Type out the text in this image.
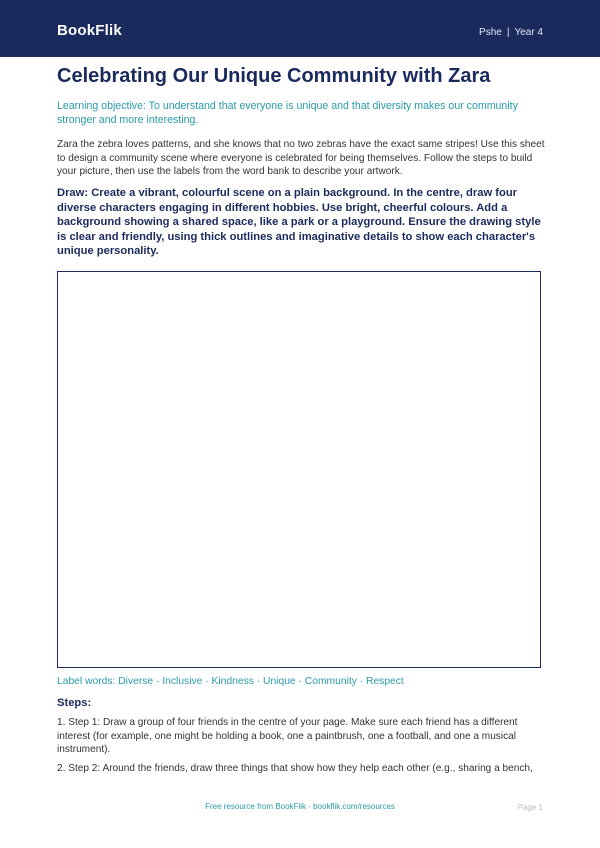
BookFlik	Pshe | Year 4
Celebrating Our Unique Community with Zara
Learning objective: To understand that everyone is unique and that diversity makes our community stronger and more interesting.
Zara the zebra loves patterns, and she knows that no two zebras have the exact same stripes! Use this sheet to design a community scene where everyone is celebrated for being themselves. Follow the steps to build your picture, then use the labels from the word bank to describe your artwork.
Draw: Create a vibrant, colourful scene on a plain background. In the centre, draw four diverse characters engaging in different hobbies. Use bright, cheerful colours. Add a background showing a shared space, like a park or a playground. Ensure the drawing style is clear and friendly, using thick outlines and imaginative details to show each character's unique personality.
Label words: Diverse · Inclusive · Kindness · Unique · Community · Respect
Steps:
1. Step 1: Draw a group of four friends in the centre of your page. Make sure each friend has a different interest (for example, one might be holding a book, one a paintbrush, one a football, and one a musical instrument).
2. Step 2: Around the friends, draw three things that show how they help each other (e.g., sharing a bench,
Free resource from BookFlik · bookflik.com/resources	Page 1
